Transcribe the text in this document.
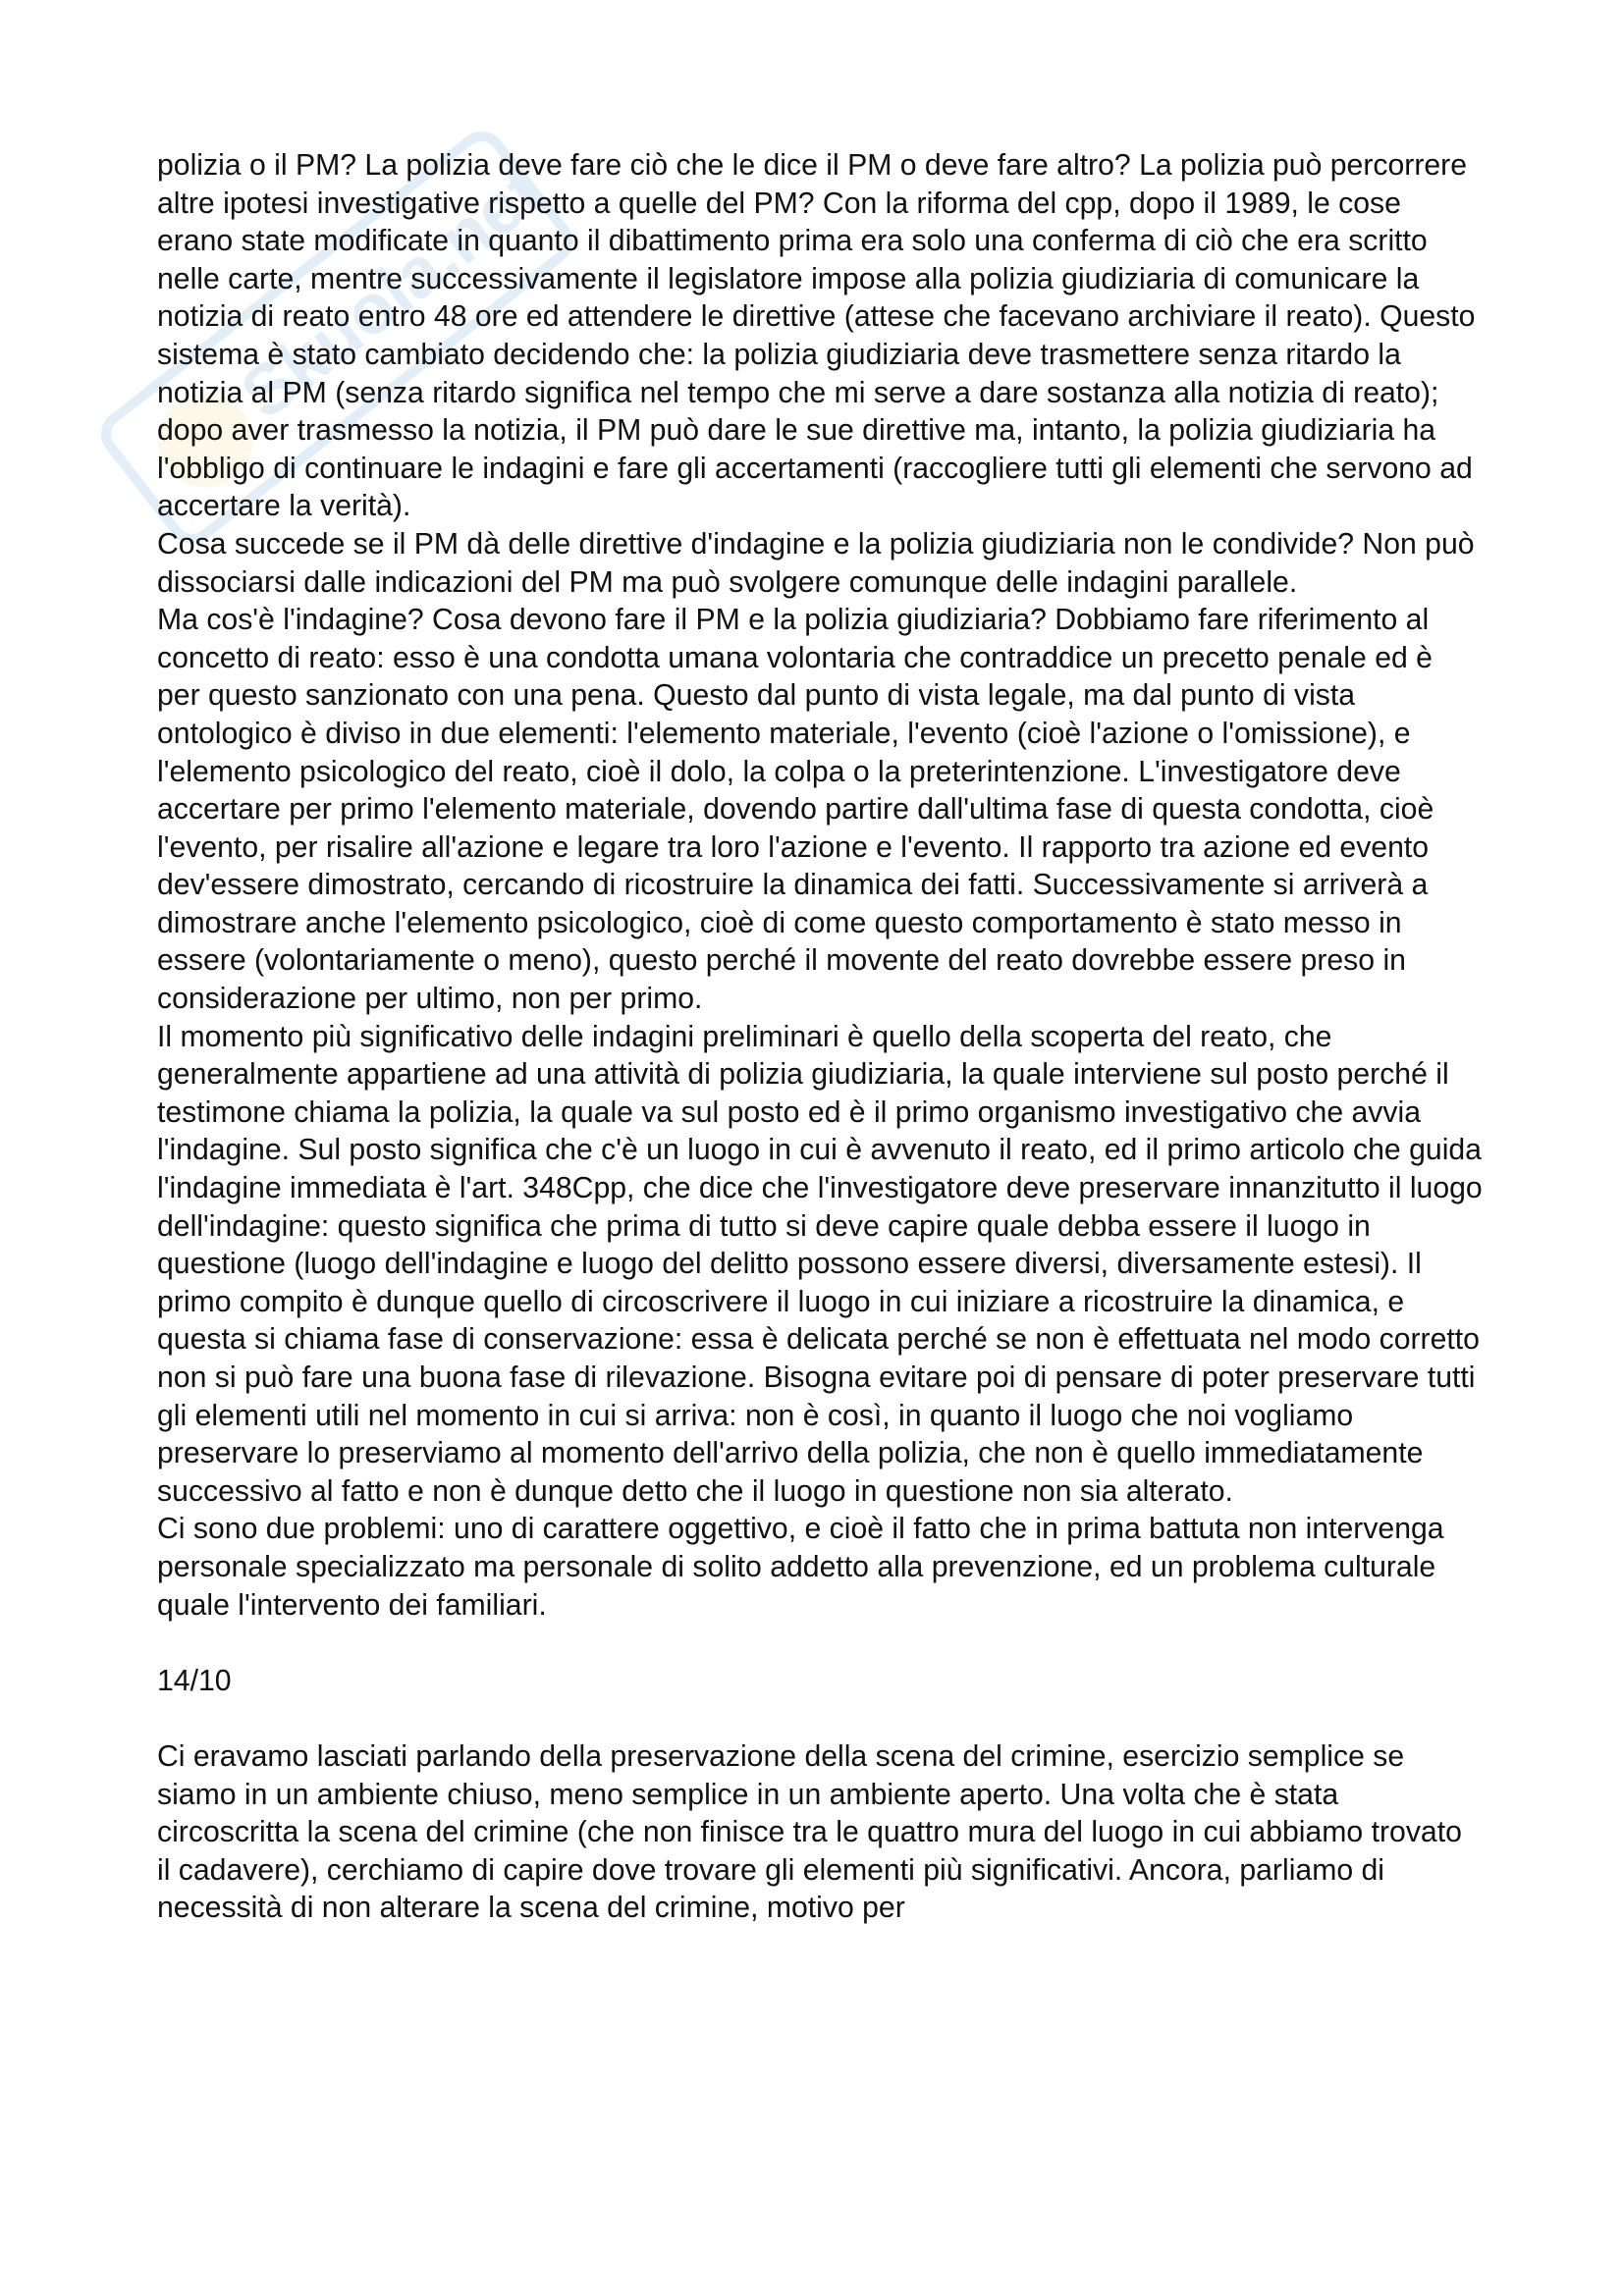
Skuola.net

polizia o il PM? La polizia deve fare ciò che le dice il PM o deve fare altro? La polizia può percorrere altre ipotesi investigative rispetto a quelle del PM? Con la riforma del cpp, dopo il 1989, le cose erano state modificate in quanto il dibattimento prima era solo una conferma di ciò che era scritto nelle carte, mentre successivamente il legislatore impose alla polizia giudiziaria di comunicare la notizia di reato entro 48 ore ed attendere le direttive (attese che facevano archiviare il reato). Questo sistema è stato cambiato decidendo che: la polizia giudiziaria deve trasmettere senza ritardo la notizia al PM (senza ritardo significa nel tempo che mi serve a dare sostanza alla notizia di reato); dopo aver trasmesso la notizia, il PM può dare le sue direttive ma, intanto, la polizia giudiziaria ha l'obbligo di continuare le indagini e fare gli accertamenti (raccogliere tutti gli elementi che servono ad accertare la verità).

Cosa succede se il PM dà delle direttive d'indagine e la polizia giudiziaria non le condivide? Non può dissociarsi dalle indicazioni del PM ma può svolgere comunque delle indagini parallele.

Ma cos'è l'indagine? Cosa devono fare il PM e la polizia giudiziaria? Dobbiamo fare riferimento al concetto di reato: esso è una condotta umana volontaria che contraddice un precetto penale ed è per questo sanzionato con una pena. Questo dal punto di vista legale, ma dal punto di vista ontologico è diviso in due elementi: l'elemento materiale, l'evento (cioè l'azione o l'omissione), e l'elemento psicologico del reato, cioè il dolo, la colpa o la preterintenzione. L'investigatore deve accertare per primo l'elemento materiale, dovendo partire dall'ultima fase di questa condotta, cioè l'evento, per risalire all'azione e legare tra loro l'azione e l'evento. Il rapporto tra azione ed evento dev'essere dimostrato, cercando di ricostruire la dinamica dei fatti. Successivamente si arriverà a dimostrare anche l'elemento psicologico, cioè di come questo comportamento è stato messo in essere (volontariamente o meno), questo perché il movente del reato dovrebbe essere preso in considerazione per ultimo, non per primo.

Il momento più significativo delle indagini preliminari è quello della scoperta del reato, che generalmente appartiene ad una attività di polizia giudiziaria, la quale interviene sul posto perché il testimone chiama la polizia, la quale va sul posto ed è il primo organismo investigativo che avvia l'indagine. Sul posto significa che c'è un luogo in cui è avvenuto il reato, ed il primo articolo che guida l'indagine immediata è l'art. 348Cpp, che dice che l'investigatore deve preservare innanzitutto il luogo dell'indagine: questo significa che prima di tutto si deve capire quale debba essere il luogo in questione (luogo dell'indagine e luogo del delitto possono essere diversi, diversamente estesi). Il primo compito è dunque quello di circoscrivere il luogo in cui iniziare a ricostruire la dinamica, e questa si chiama fase di conservazione: essa è delicata perché se non è effettuata nel modo corretto non si può fare una buona fase di rilevazione. Bisogna evitare poi di pensare di poter preservare tutti gli elementi utili nel momento in cui si arriva: non è così, in quanto il luogo che noi vogliamo preservare lo preserviamo al momento dell'arrivo della polizia, che non è quello immediatamente successivo al fatto e non è dunque detto che il luogo in questione non sia alterato.

Ci sono due problemi: uno di carattere oggettivo, e cioè il fatto che in prima battuta non intervenga personale specializzato ma personale di solito addetto alla prevenzione, ed un problema culturale quale l'intervento dei familiari.

14/10

Ci eravamo lasciati parlando della preservazione della scena del crimine, esercizio semplice se siamo in un ambiente chiuso, meno semplice in un ambiente aperto. Una volta che è stata circoscritta la scena del crimine (che non finisce tra le quattro mura del luogo in cui abbiamo trovato il cadavere), cerchiamo di capire dove trovare gli elementi più significativi. Ancora, parliamo di necessità di non alterare la scena del crimine, motivo per
